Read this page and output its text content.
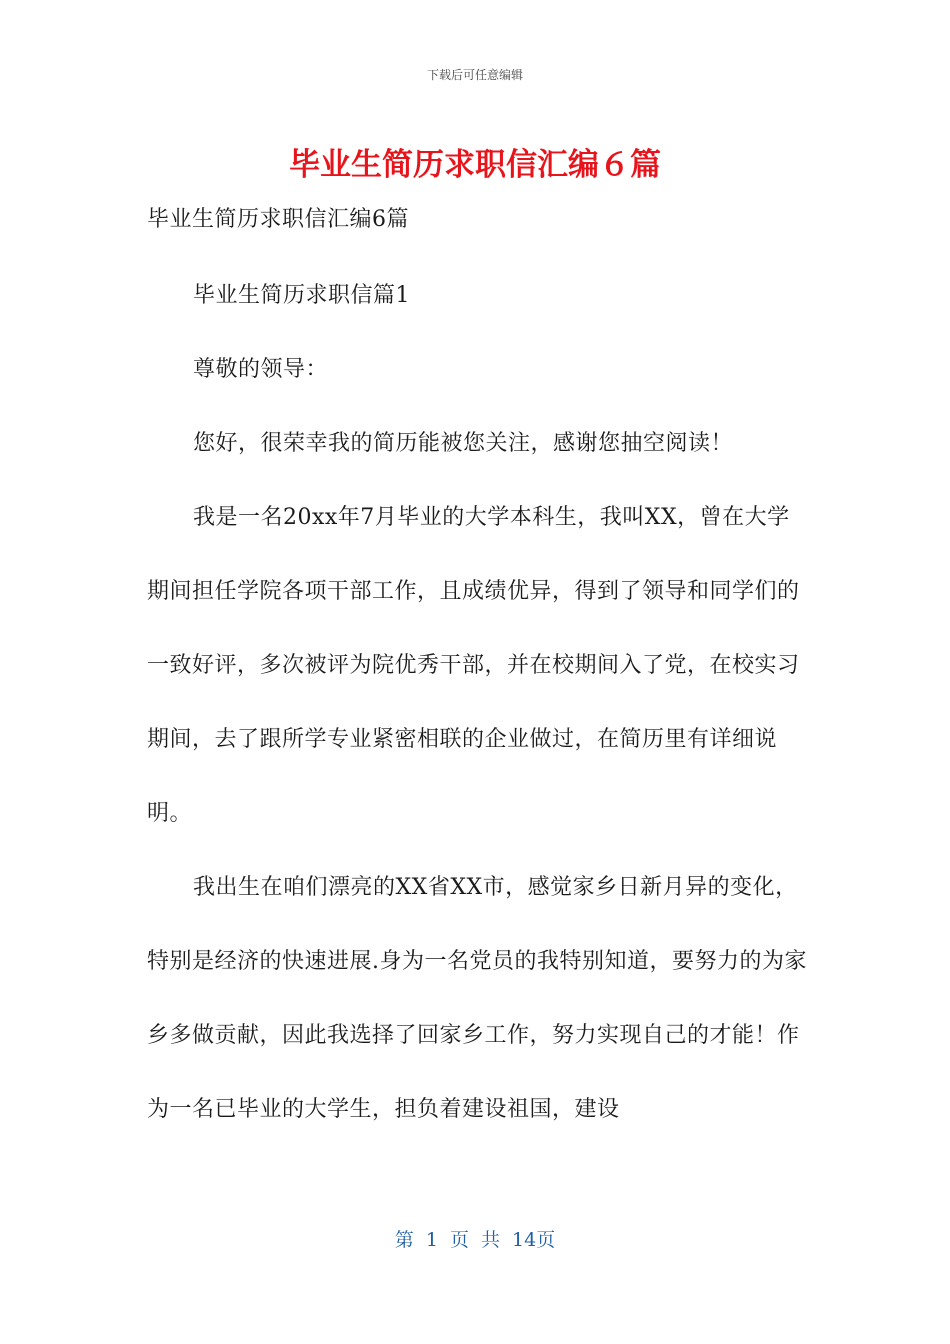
下载后可任意编辑
毕业生简历求职信汇编６篇
毕业生简历求职信汇编6篇

毕业生简历求职信篇1

尊敬的领导：

您好，很荣幸我的简历能被您关注，感谢您抽空阅读！

我是一名20xx年7月毕业的大学本科生，我叫XX，曾在大学期间担任学院各项干部工作，且成绩优异，得到了领导和同学们的一致好评，多次被评为院优秀干部，并在校期间入了党，在校实习期间，去了跟所学专业紧密相联的企业做过，在简历里有详细说明。

我出生在咱们漂亮的XX省XX市，感觉家乡日新月异的变化，特别是经济的快速进展.身为一名党员的我特别知道，要努力的为家乡多做贡献，因此我选择了回家乡工作，努力实现自己的才能！作为一名已毕业的大学生，担负着建设祖国，建设

第 1 页 共 14页
